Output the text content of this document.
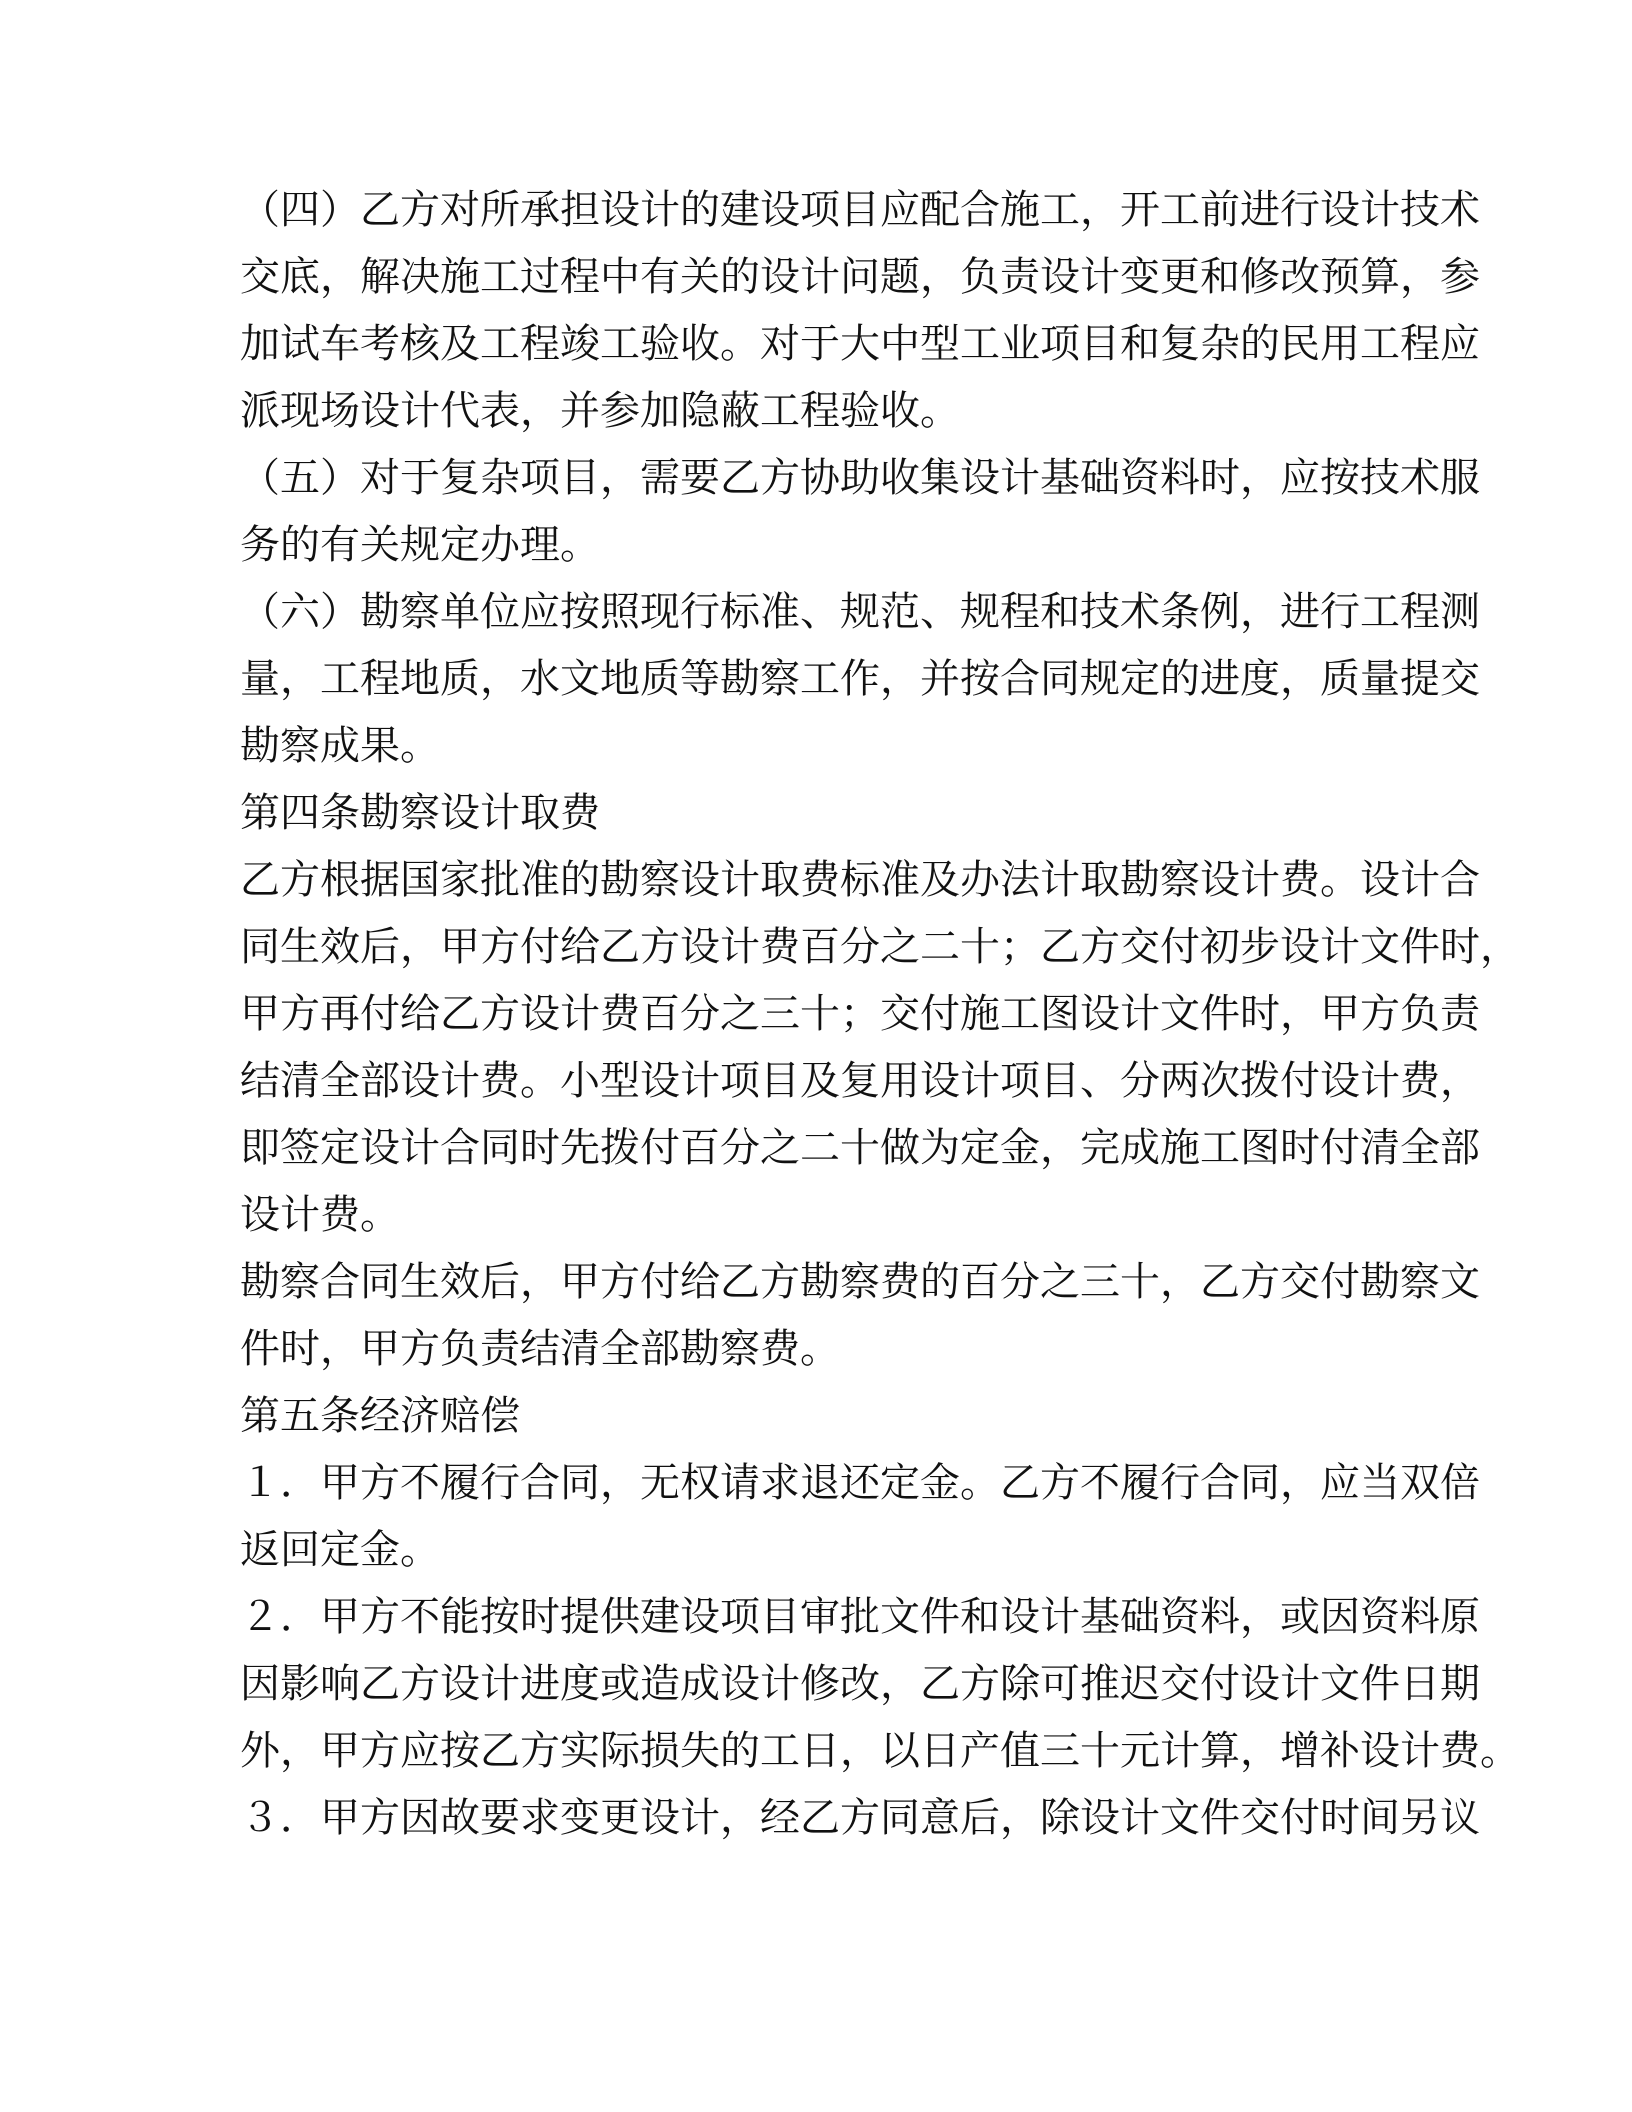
（四）乙方对所承担设计的建设项目应配合施工，开工前进行设计技术
交底，解决施工过程中有关的设计问题，负责设计变更和修改预算，参
加试车考核及工程竣工验收。对于大中型工业项目和复杂的民用工程应
派现场设计代表，并参加隐蔽工程验收。
（五）对于复杂项目，需要乙方协助收集设计基础资料时，应按技术服
务的有关规定办理。
（六）勘察单位应按照现行标准、规范、规程和技术条例，进行工程测
量，工程地质，水文地质等勘察工作，并按合同规定的进度，质量提交
勘察成果。
第四条勘察设计取费
乙方根据国家批准的勘察设计取费标准及办法计取勘察设计费。设计合
同生效后，甲方付给乙方设计费百分之二十；乙方交付初步设计文件时，
甲方再付给乙方设计费百分之三十；交付施工图设计文件时，甲方负责
结清全部设计费。小型设计项目及复用设计项目、分两次拨付设计费，
即签定设计合同时先拨付百分之二十做为定金，完成施工图时付清全部
设计费。
勘察合同生效后，甲方付给乙方勘察费的百分之三十，乙方交付勘察文
件时，甲方负责结清全部勘察费。
第五条经济赔偿
１．甲方不履行合同，无权请求退还定金。乙方不履行合同，应当双倍
返回定金。
２．甲方不能按时提供建设项目审批文件和设计基础资料，或因资料原
因影响乙方设计进度或造成设计修改，乙方除可推迟交付设计文件日期
外，甲方应按乙方实际损失的工日，以日产值三十元计算，增补设计费。
３．甲方因故要求变更设计，经乙方同意后，除设计文件交付时间另议
